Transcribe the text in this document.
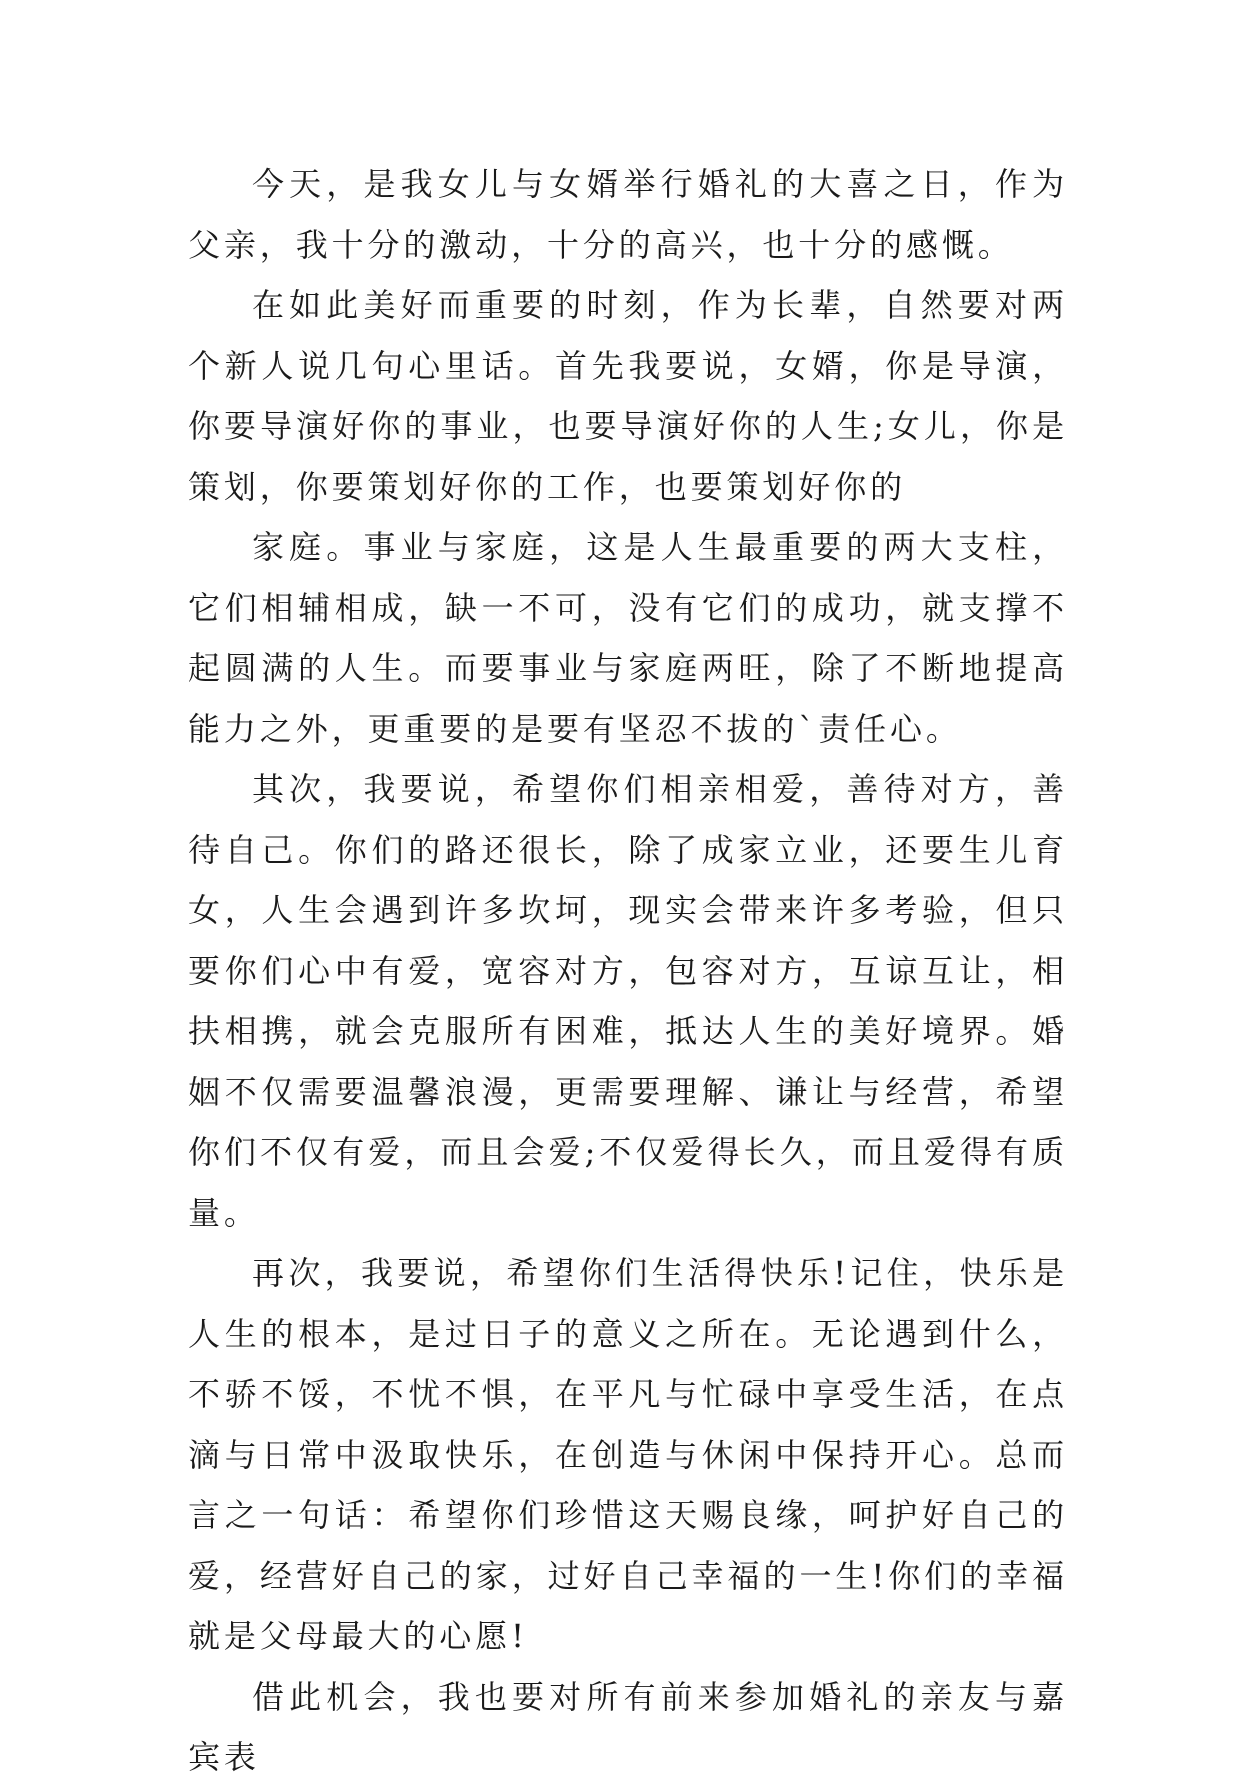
今天，是我女儿与女婿举行婚礼的大喜之日，作为父亲，我十分的激动，十分的高兴，也十分的感慨。

在如此美好而重要的时刻，作为长辈，自然要对两个新人说几句心里话。首先我要说，女婿，你是导演，你要导演好你的事业，也要导演好你的人生;女儿，你是策划，你要策划好你的工作，也要策划好你的

家庭。事业与家庭，这是人生最重要的两大支柱，它们相辅相成，缺一不可，没有它们的成功，就支撑不起圆满的人生。而要事业与家庭两旺，除了不断地提高能力之外，更重要的是要有坚忍不拔的`责任心。

其次，我要说，希望你们相亲相爱，善待对方，善待自己。你们的路还很长，除了成家立业，还要生儿育女，人生会遇到许多坎坷，现实会带来许多考验，但只要你们心中有爱，宽容对方，包容对方，互谅互让，相扶相携，就会克服所有困难，抵达人生的美好境界。婚姻不仅需要温馨浪漫，更需要理解、谦让与经营，希望你们不仅有爱，而且会爱;不仅爱得长久，而且爱得有质量。

再次，我要说，希望你们生活得快乐!记住，快乐是人生的根本，是过日子的意义之所在。无论遇到什么，不骄不馁，不忧不惧，在平凡与忙碌中享受生活，在点滴与日常中汲取快乐，在创造与休闲中保持开心。总而言之一句话：希望你们珍惜这天赐良缘，呵护好自己的爱，经营好自己的家，过好自己幸福的一生!你们的幸福就是父母最大的心愿!

借此机会，我也要对所有前来参加婚礼的亲友与嘉宾表
